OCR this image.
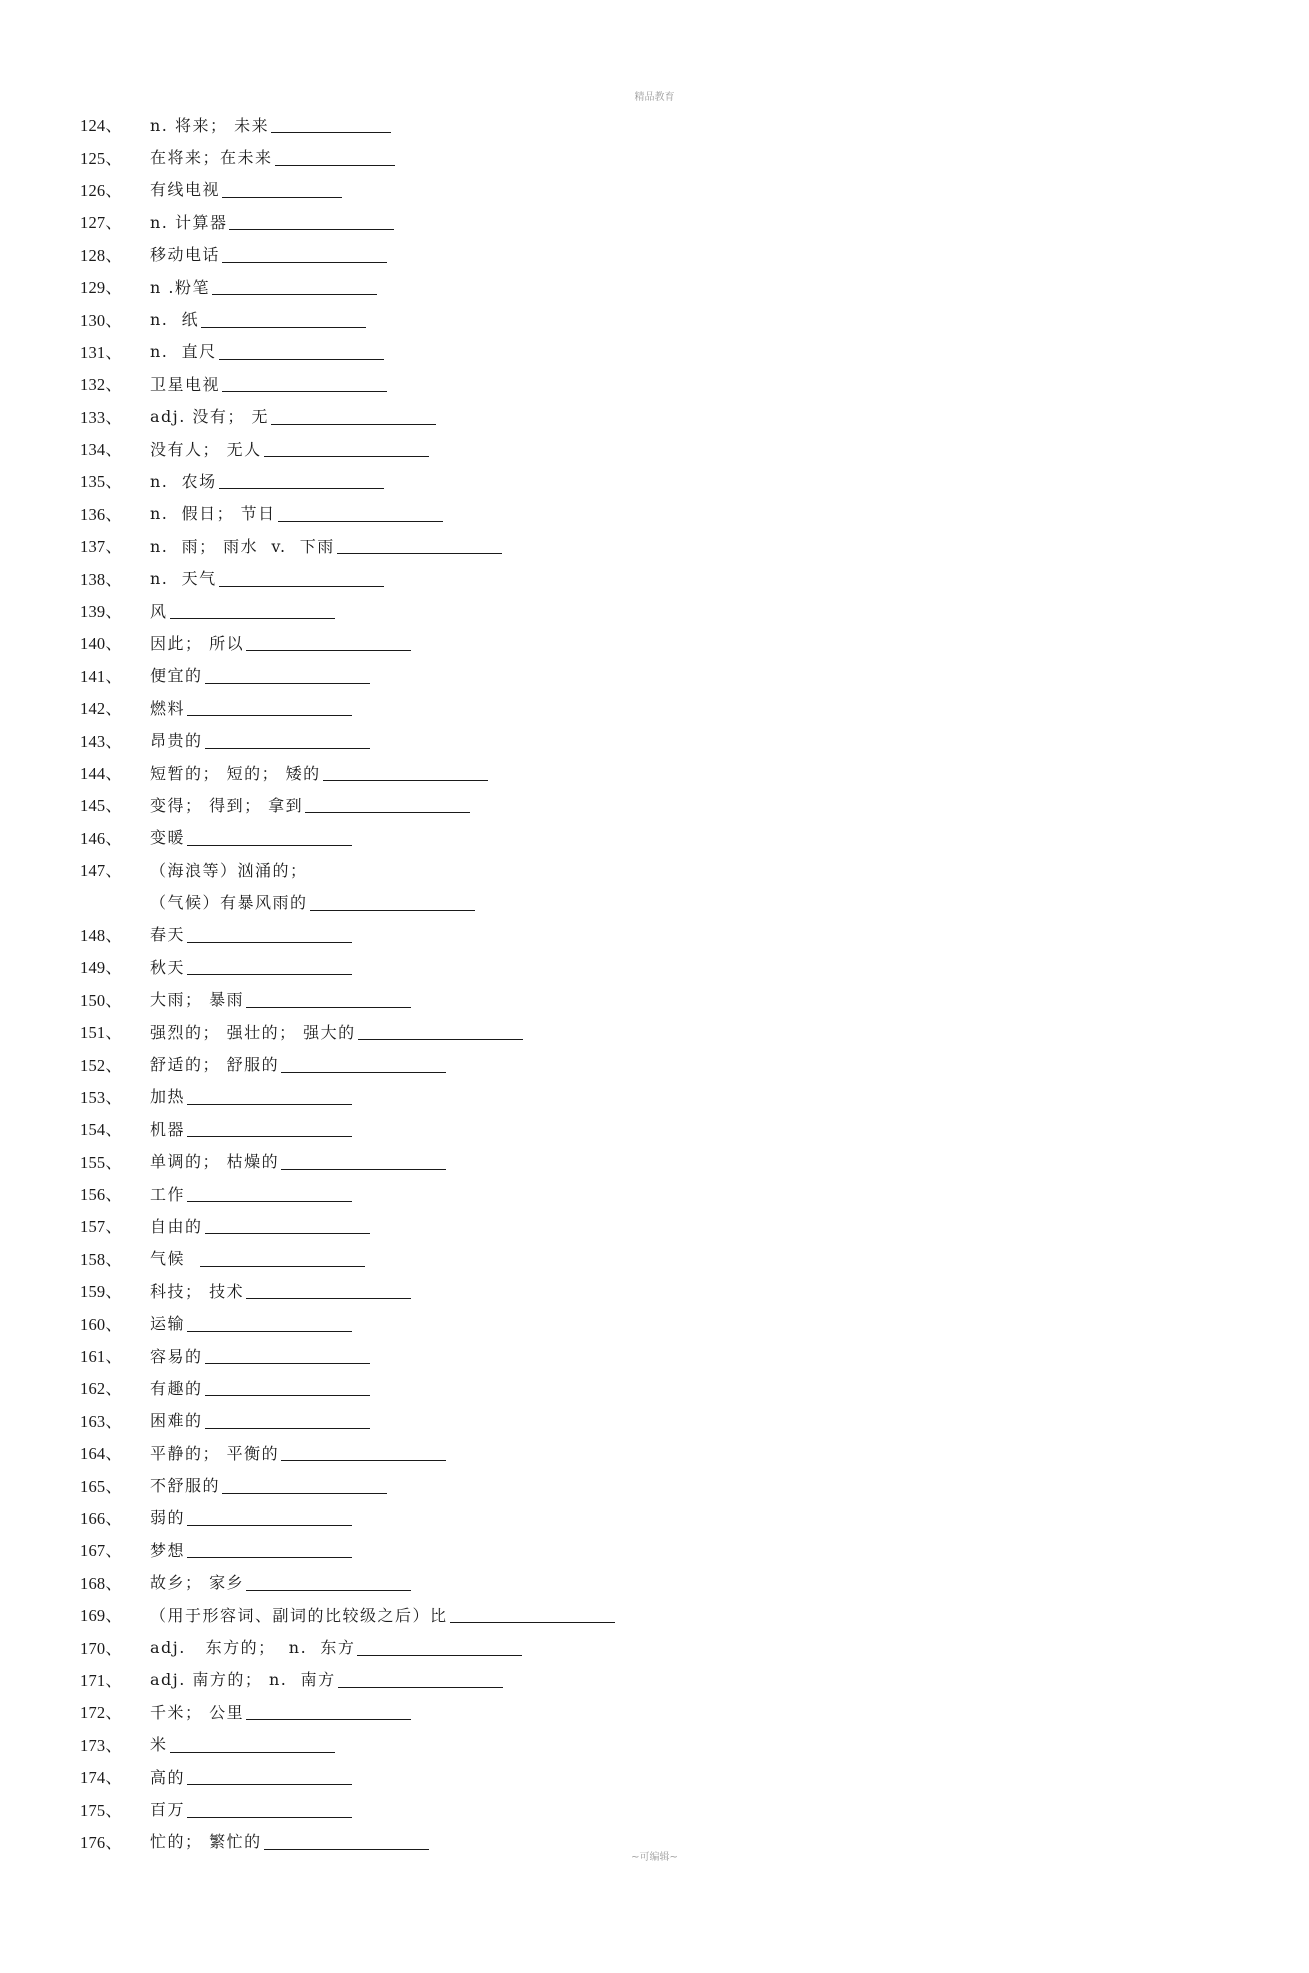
精品教育
124、	n. 将来； 未来
125、	在将来；在未来
126、	有线电视
127、	n. 计算器
128、	移动电话
129、	n .粉笔
130、	n.  纸
131、	n.  直尺
132、	卫星电视
133、	adj. 没有； 无
134、	没有人； 无人
135、	n.  农场
136、	n.  假日； 节日
137、	n.  雨； 雨水  v.  下雨
138、	n.  天气
139、	风
140、	因此； 所以
141、	便宜的
142、	燃料
143、	昂贵的
144、	短暂的； 短的； 矮的
145、	变得； 得到； 拿到
146、	变暖
147、	（海浪等）汹涌的；
（气候）有暴风雨的
148、	春天
149、	秋天
150、	大雨； 暴雨
151、	强烈的； 强壮的； 强大的
152、	舒适的； 舒服的
153、	加热
154、	机器
155、	单调的； 枯燥的
156、	工作
157、	自由的
158、	气候
159、	科技； 技术
160、	运输
161、	容易的
162、	有趣的
163、	困难的
164、	平静的； 平衡的
165、	不舒服的
166、	弱的
167、	梦想
168、	故乡； 家乡
169、	（用于形容词、副词的比较级之后）比
170、	adj.   东方的；  n.  东方
171、	adj. 南方的； n.  南方
172、	千米； 公里
173、	米
174、	高的
175、	百万
176、	忙的； 繁忙的
~可编辑~
